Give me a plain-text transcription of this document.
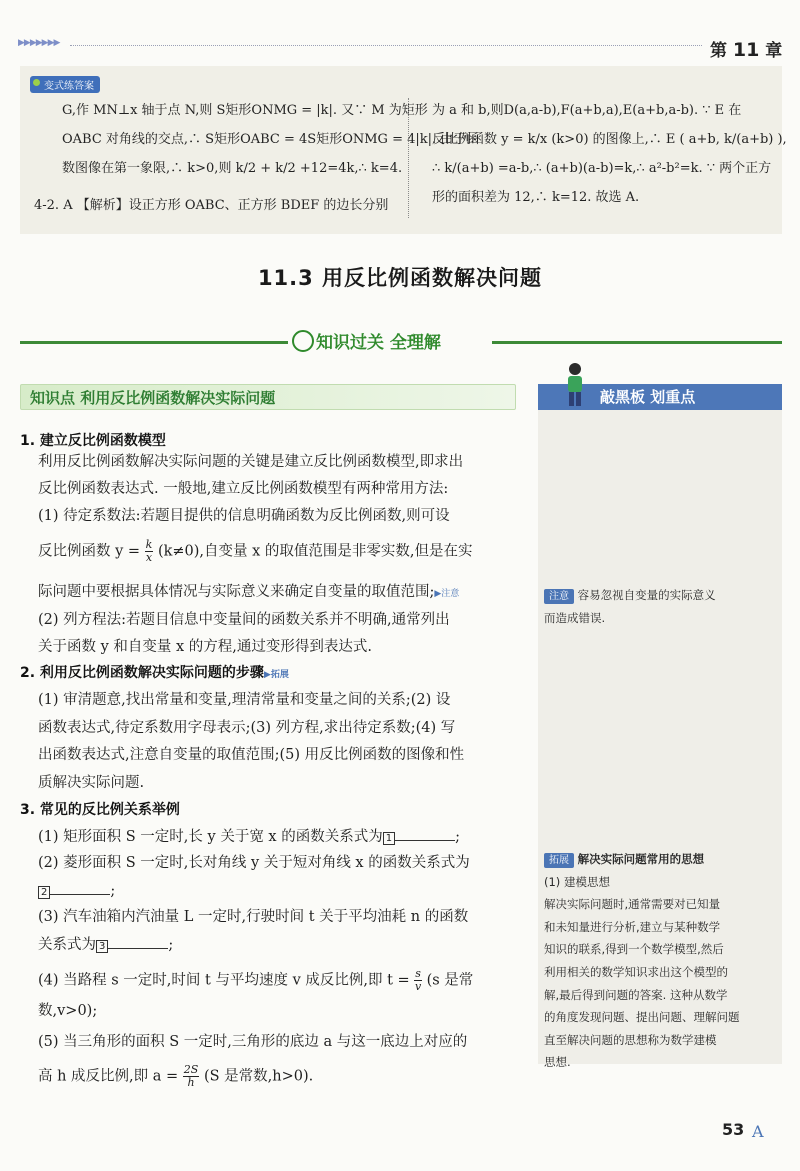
▶▶▶▶▶▶▶	第 11 章
变式练答案
G,作 MN⊥x 轴于点 N,则 S矩形ONMG = |k|. 又∵ M 为矩形
OABC 对角线的交点,∴ S矩形OABC = 4S矩形ONMG = 4|k|. 由于函
数图像在第一象限,∴ k>0,则 k/2 + k/2 +12=4k,∴ k=4.
4-2. A 【解析】设正方形 OABC、正方形 BDEF 的边长分别
为 a 和 b,则D(a,a-b),F(a+b,a),E(a+b,a-b). ∵ E 在
反比例函数 y = k/x (k>0) 的图像上,∴ E ( a+b, k/(a+b) ),
∴ k/(a+b) =a-b,∴ (a+b)(a-b)=k,∴ a²-b²=k. ∵ 两个正方
形的面积差为 12,∴ k=12. 故选 A.
11.3 用反比例函数解决问题
知识过关 全理解
知识点 利用反比例函数解决实际问题	敲黑板 划重点
注意 容易忽视自变量的实际意义
而造成错误.
拓展 解决实际问题常用的思想
(1) 建模思想
解决实际问题时,通常需要对已知量
和未知量进行分析,建立与某种数学
知识的联系,得到一个数学模型,然后
利用相关的数学知识求出这个模型的
解,最后得到问题的答案. 这种从数学
的角度发现问题、提出问题、理解问题
直至解决问题的思想称为数学建模
思想.
1. 建立反比例函数模型
利用反比例函数解决实际问题的关键是建立反比例函数模型,即求出
反比例函数表达式. 一般地,建立反比例函数模型有两种常用方法:
(1) 待定系数法:若题目提供的信息明确函数为反比例函数,则可设
反比例函数 $y = \frac{k}{x} (k\ne 0)$,自变量 x 的取值范围是非零实数,但是在实
际问题中要根据具体情况与实际意义来确定自变量的取值范围;▶注意
(2) 列方程法:若题目信息中变量间的函数关系并不明确,通常列出
关于函数 y 和自变量 x 的方程,通过变形得到表达式.
2. 利用反比例函数解决实际问题的步骤▶拓展
(1) 审清题意,找出常量和变量,理清常量和变量之间的关系;(2) 设
函数表达式,待定系数用字母表示;(3) 列方程,求出待定系数;(4) 写
出函数表达式,注意自变量的取值范围;(5) 用反比例函数的图像和性
质解决实际问题.
3. 常见的反比例关系举例
(1) 矩形面积 S 一定时,长 y 关于宽 x 的函数关系式为 1	;
(2) 菱形面积 S 一定时,长对角线 y 关于短对角线 x 的函数关系式为
2	;
(3) 汽车油箱内汽油量 L 一定时,行驶时间 t 关于平均油耗 n 的函数
关系式为 3	;
(4) 当路程 s 一定时,时间 t 与平均速度 v 成反比例,即 $t = \frac{s}{v} (s$ 是常
数,v>0);
(5) 当三角形的面积 S 一定时,三角形的底边 a 与这一底边上对应的
高 h 成反比例,即 $a = \frac{2S}{h} (S$ 是常数,h>0).
53 A
